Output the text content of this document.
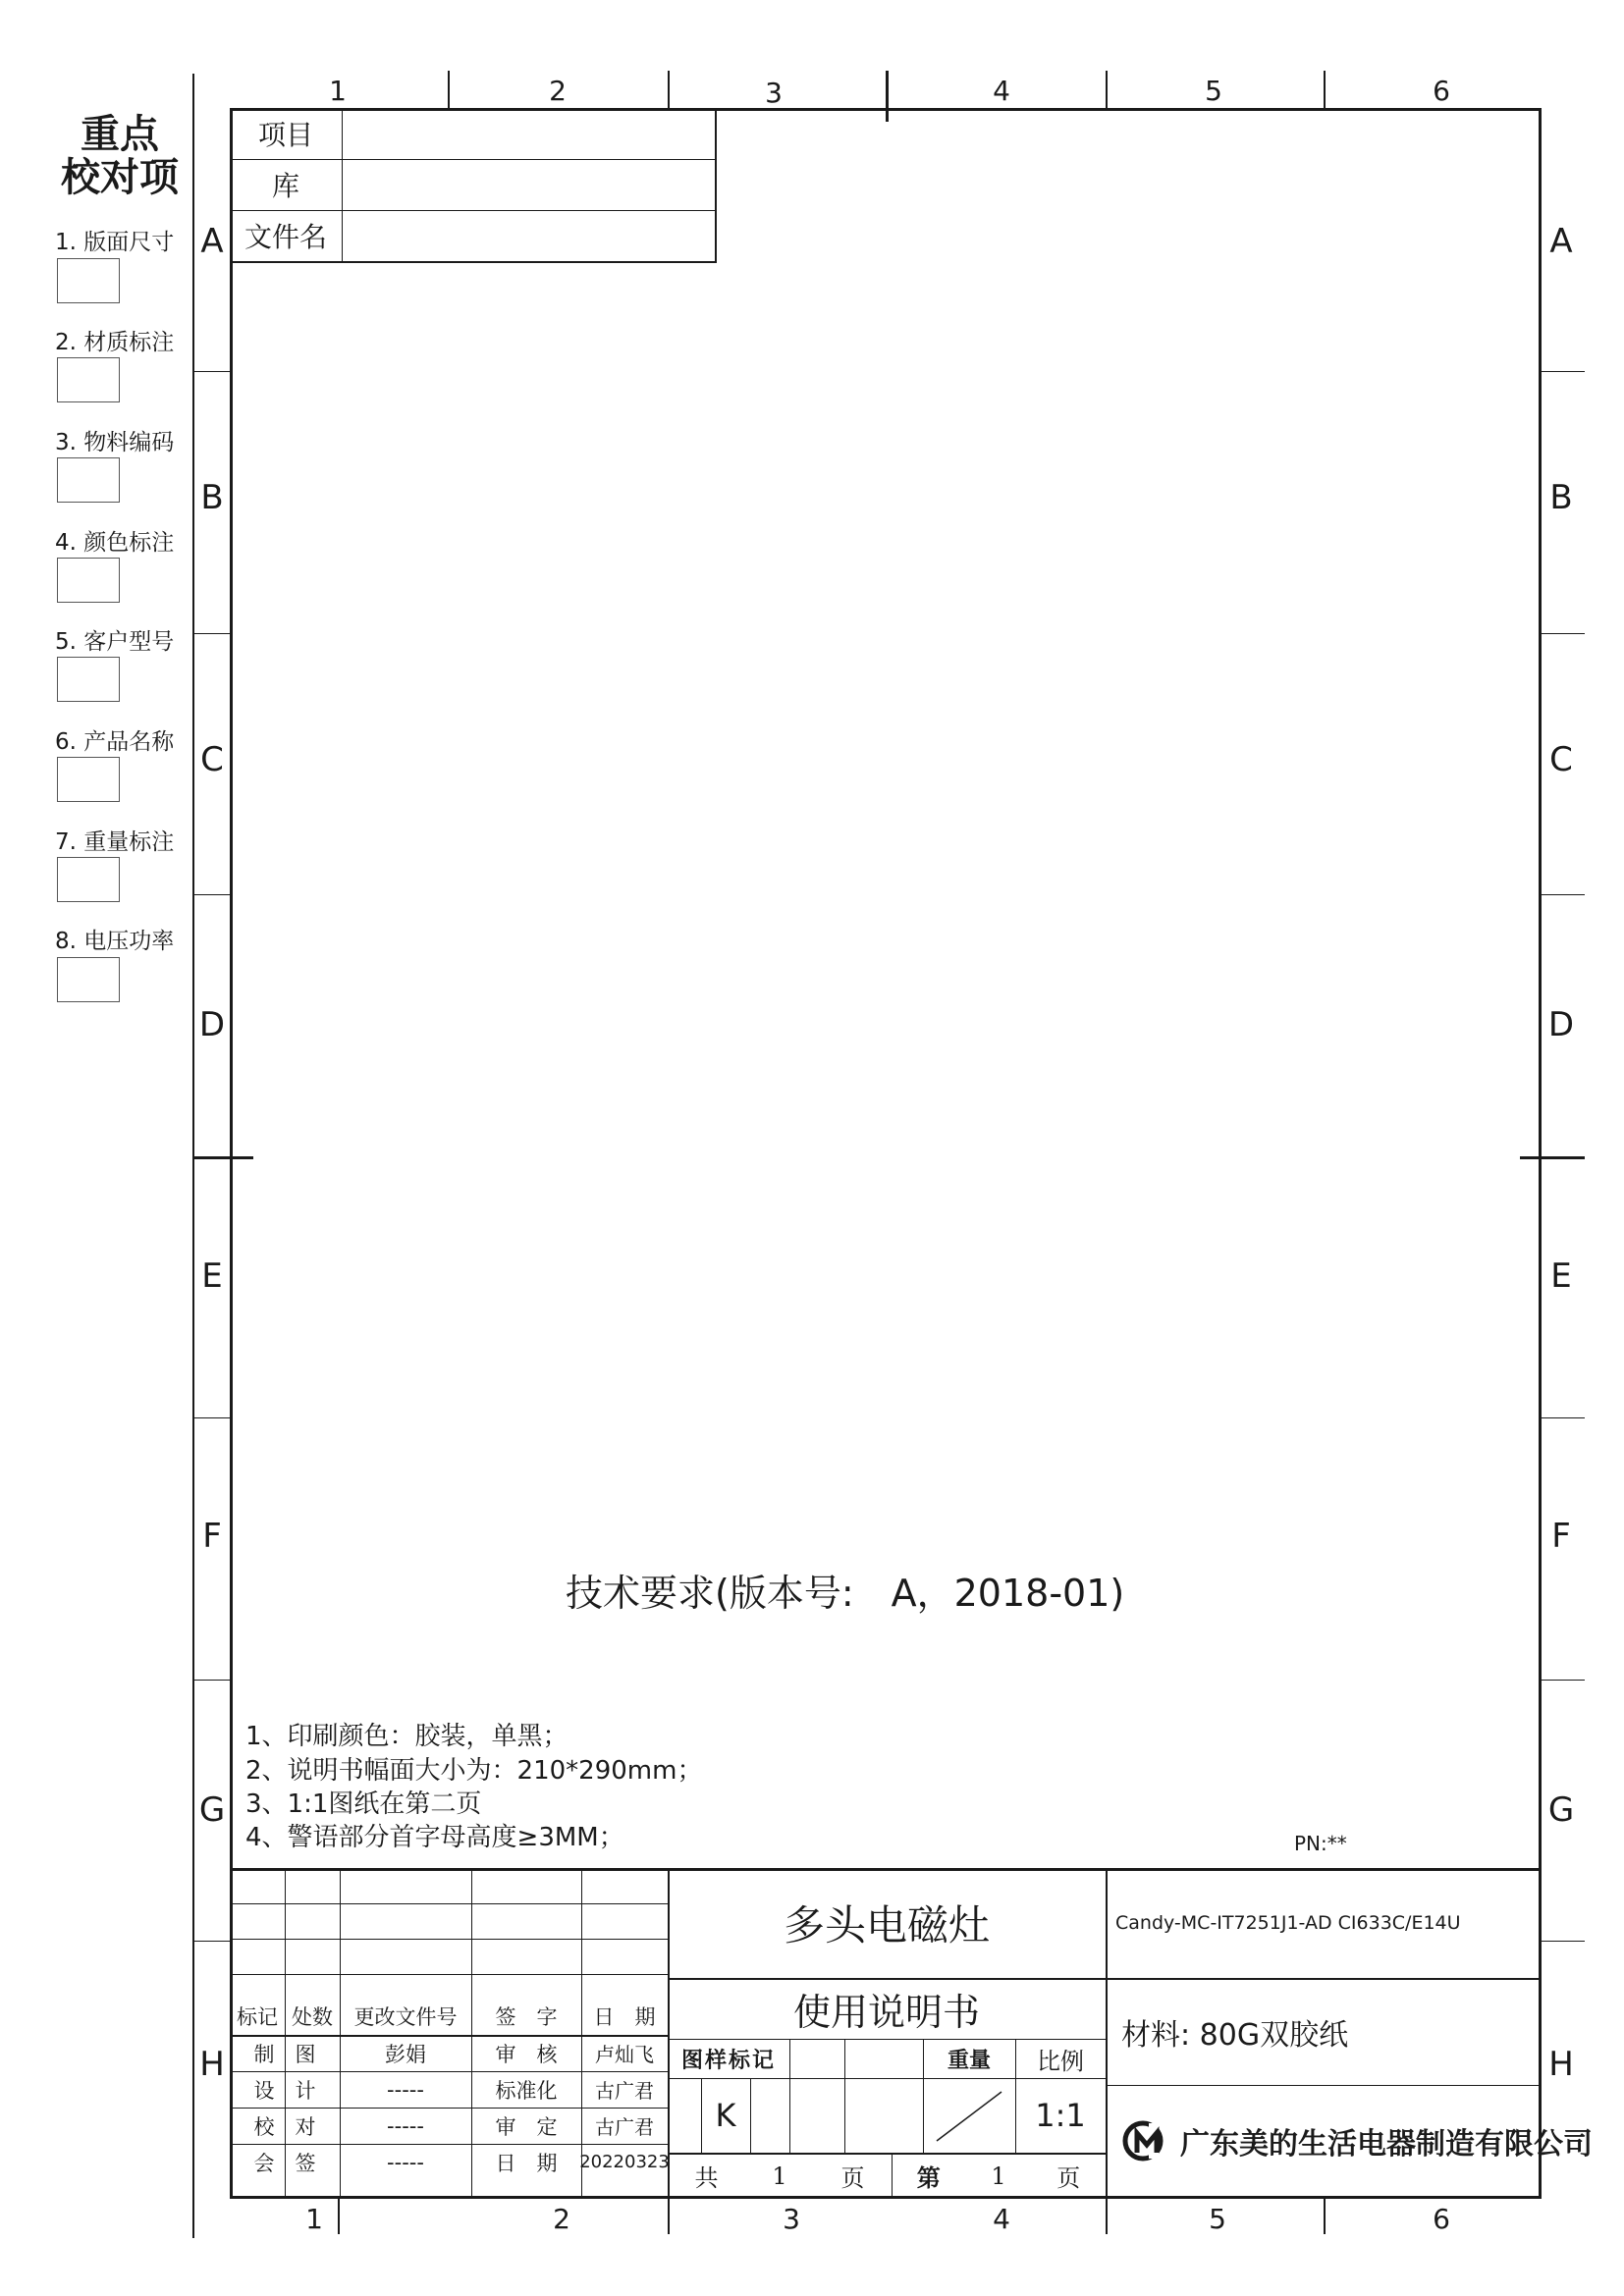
重点
校对项
1. 版面尺寸
2. 材质标注
3. 物料编码
4. 颜色标注
5. 客户型号
6. 产品名称
7. 重量标注
8. 电压功率
1	2	3	4	5	6
1	2	3	4	5	6
A
B
C
D
E
F
G
H
A
B
C
D
E
F
G
H
项目
库
文件名
技术要求(版本号:　A，2018-01)
1、印刷颜色：胶装，单黑；
2、说明书幅面大小为：210*290mm；
3、1:1图纸在第二页
4、警语部分首字母高度≥3MM；	PN:**
标记 处数	更改文件号	签　字	日　期
制　图	彭娟	审　核	卢灿飞
设　计	-----	标准化	古广君
校　对	-----	审　定	古广君
会　签	-----	日　期	20220323
多头电磁灶
使用说明书
图样标记	重量	比例
K	1:1
共 1 页 第 1 页
Candy-MC-IT7251J1-AD CI633C/E14U
材料: 80G双胶纸
广东美的生活电器制造有限公司
